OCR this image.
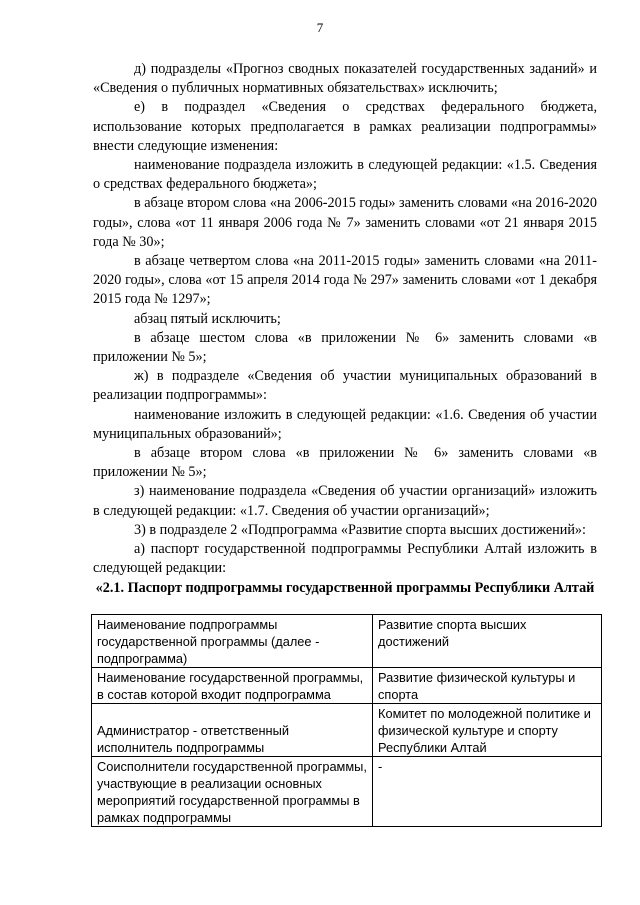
7

д) подразделы «Прогноз сводных показателей государственных заданий» и «Сведения о публичных нормативных обязательствах» исключить;

е) в подраздел «Сведения о средствах федерального бюджета, использование которых предполагается в рамках реализации подпрограммы» внести следующие изменения:

наименование подраздела изложить в следующей редакции: «1.5. Сведения о средствах федерального бюджета»;

в абзаце втором слова «на 2006-2015 годы» заменить словами «на 2016-2020 годы», слова «от 11 января 2006 года № 7» заменить словами «от 21 января 2015 года № 30»;

в абзаце четвертом слова «на 2011-2015 годы» заменить словами «на 2011-2020 годы», слова «от 15 апреля 2014 года № 297» заменить словами «от 1 декабря 2015 года № 1297»;

абзац пятый исключить;

в абзаце шестом слова «в приложении № 6» заменить словами «в приложении № 5»;

ж) в подразделе «Сведения об участии муниципальных образований в реализации подпрограммы»:

наименование изложить в следующей редакции: «1.6. Сведения об участии муниципальных образований»;

в абзаце втором слова «в приложении № 6» заменить словами «в приложении № 5»;

з) наименование подраздела «Сведения об участии организаций» изложить в следующей редакции: «1.7. Сведения об участии организаций»;

3) в подразделе 2 «Подпрограмма «Развитие спорта высших достижений»:

а) паспорт государственной подпрограммы Республики Алтай изложить в следующей редакции:

«2.1. Паспорт подпрограммы государственной программы Республики Алтай

Наименование подпрограммы государственной программы (далее - подпрограмма)	Развитие спорта высших достижений
Наименование государственной программы, в состав которой входит подпрограмма	Развитие физической культуры и спорта
Администратор - ответственный исполнитель подпрограммы	Комитет по молодежной политике и физической культуре и спорту Республики Алтай
Соисполнители государственной программы, участвующие в реализации основных мероприятий государственной программы в рамках подпрограммы	-
